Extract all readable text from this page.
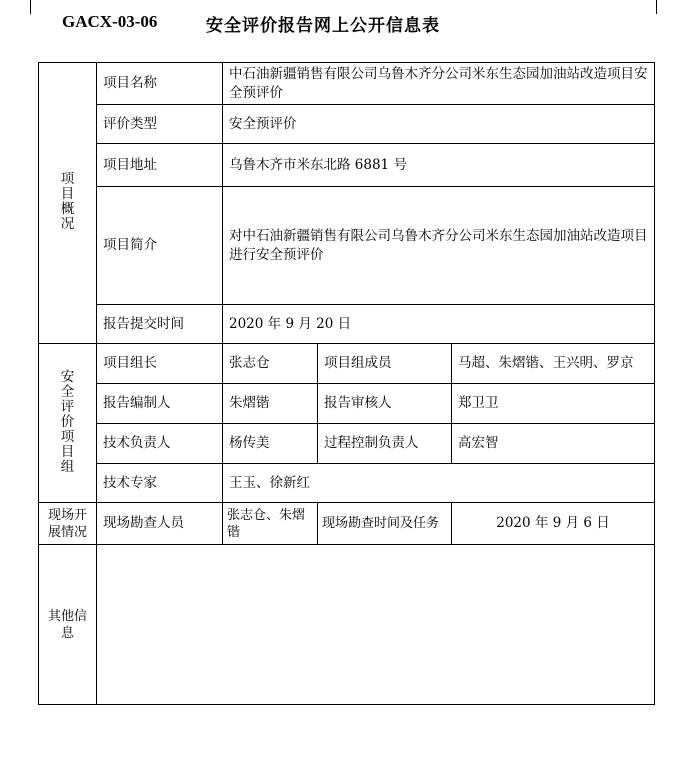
GACX-03-06	安全评价报告网上公开信息表
项目概况	项目名称	中石油新疆销售有限公司乌鲁木齐分公司米东生态园加油站改造项目安全预评价		
	评价类型	安全预评价		
	项目地址	乌鲁木齐市米东北路 6881 号		
	项目简介	对中石油新疆销售有限公司乌鲁木齐分公司米东生态园加油站改造项目进行安全预评价		
	报告提交时间	2020 年 9 月 20 日		
安全评价项目组	项目组长	张志仓	项目组成员	马超、朱熠锴、王兴明、罗京
	报告编制人	朱熠锴	报告审核人	郑卫卫
	技术负责人	杨传美	过程控制负责人	高宏智
	技术专家	王玉、徐新红		
现场开展情况	现场勘查人员	张志仓、朱熠锴	现场勘查时间及任务	2020 年 9 月 6 日
其他信息				
